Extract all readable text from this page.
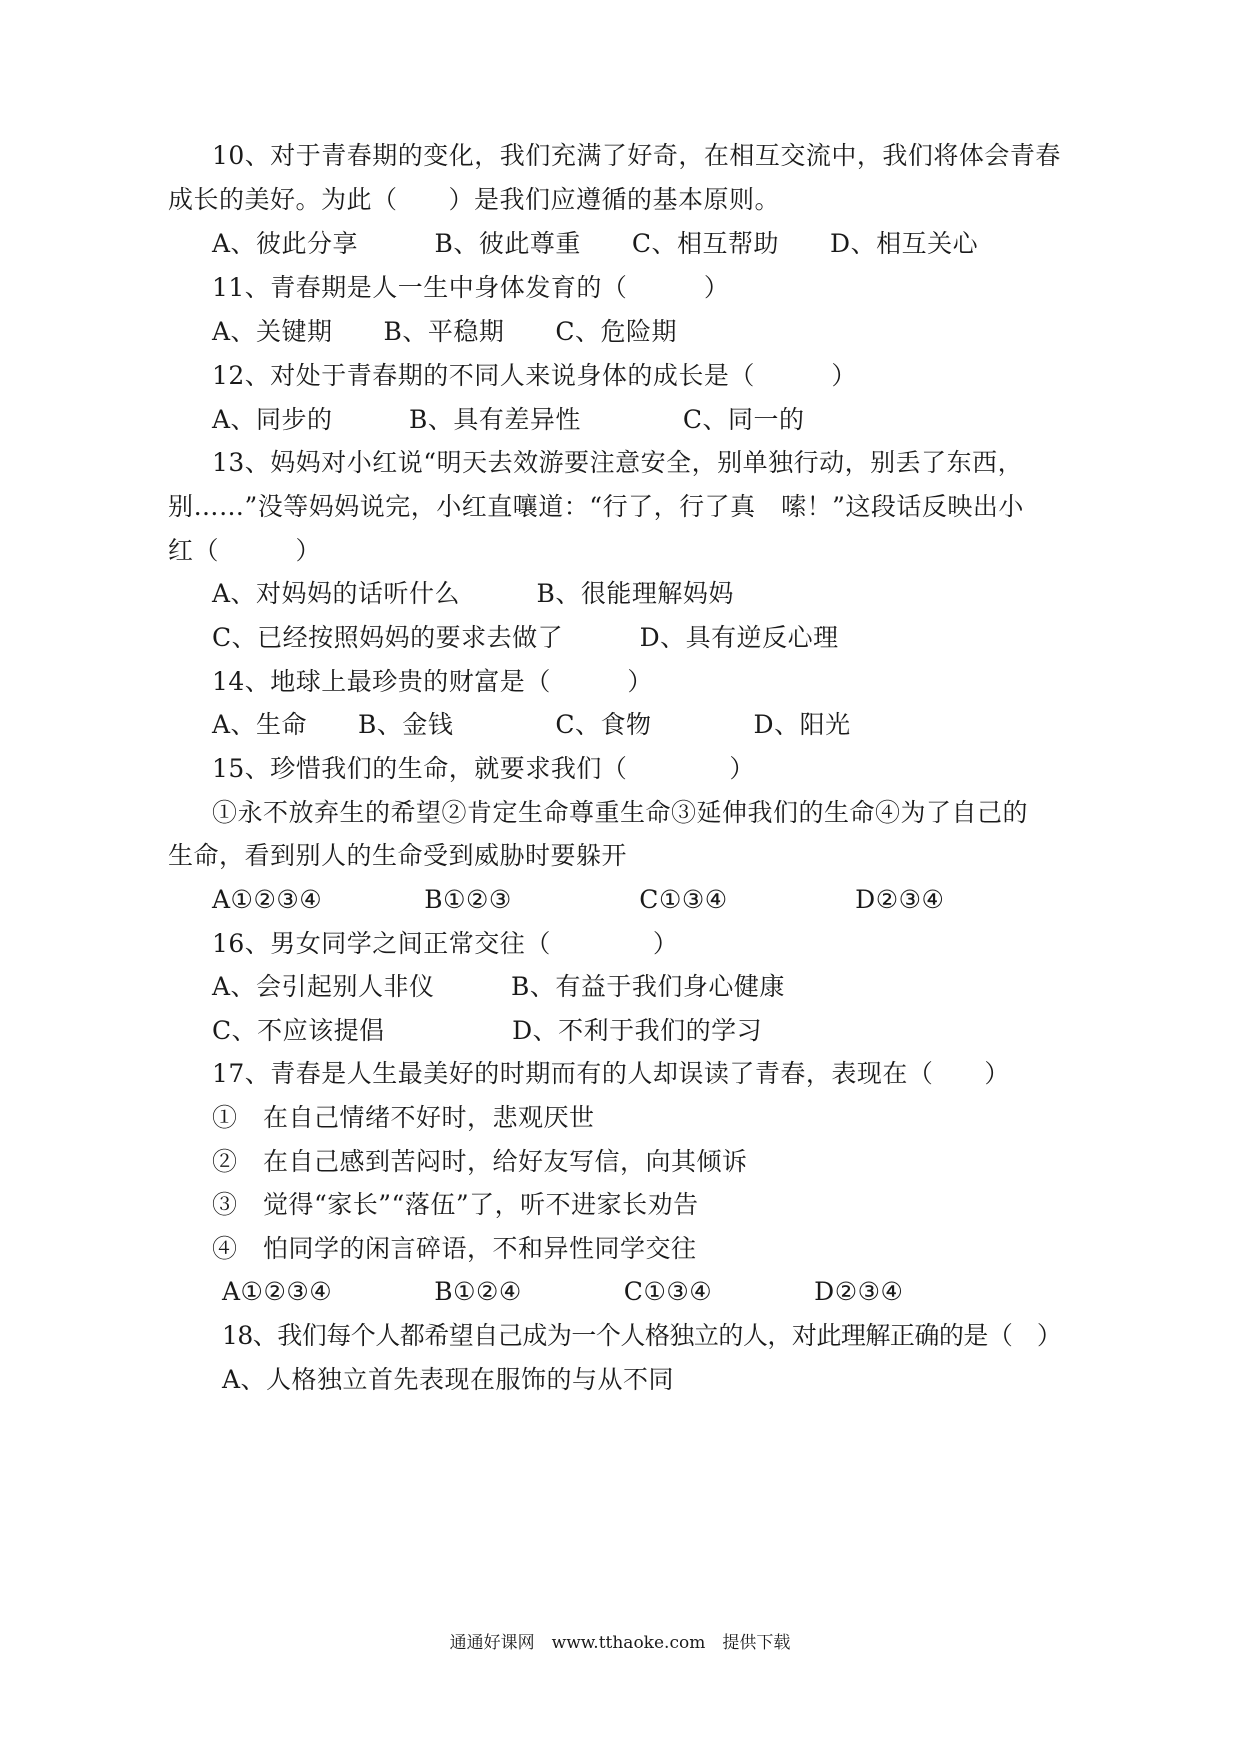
10、对于青春期的变化，我们充满了好奇，在相互交流中，我们将体会青春
成长的美好。为此（　　）是我们应遵循的基本原则。
A、彼此分享　　　B、彼此尊重　　C、相互帮助　　D、相互关心
11、青春期是人一生中身体发育的（　　　）
A、关键期　　B、平稳期　　C、危险期
12、对处于青春期的不同人来说身体的成长是（　　　）
A、同步的　　　B、具有差异性　　　　C、同一的
13、妈妈对小红说“明天去效游要注意安全，别单独行动，别丢了东西，
别……”没等妈妈说完，小红直嚷道：“行了，行了真　嗦！”这段话反映出小
红（　　　）
A、对妈妈的话听什么　　　B、很能理解妈妈
C、已经按照妈妈的要求去做了　　　D、具有逆反心理
14、地球上最珍贵的财富是（　　　）
A、生命　　B、金钱　　　　C、食物　　　　D、阳光
15、珍惜我们的生命，就要求我们（　　　　）
①永不放弃生的希望②肯定生命尊重生命③延伸我们的生命④为了自己的
生命，看到别人的生命受到威胁时要躲开
A①②③④　　　　B①②③　　　　　C①③④　　　　　D②③④
16、男女同学之间正常交往（　　　　）
A、会引起别人非仪　　　B、有益于我们身心健康
C、不应该提倡　　　　　D、不利于我们的学习
17、青春是人生最美好的时期而有的人却误读了青春，表现在（　　）
①　在自己情绪不好时，悲观厌世
②　在自己感到苦闷时，给好友写信，向其倾诉
③　觉得“家长”“落伍”了，听不进家长劝告
④　怕同学的闲言碎语，不和异性同学交往
A①②③④　　　　B①②④　　　　C①③④　　　　D②③④
18、我们每个人都希望自己成为一个人格独立的人，对此理解正确的是（　）
A、人格独立首先表现在服饰的与从不同
通通好课网　www.tthaoke.com　提供下载
